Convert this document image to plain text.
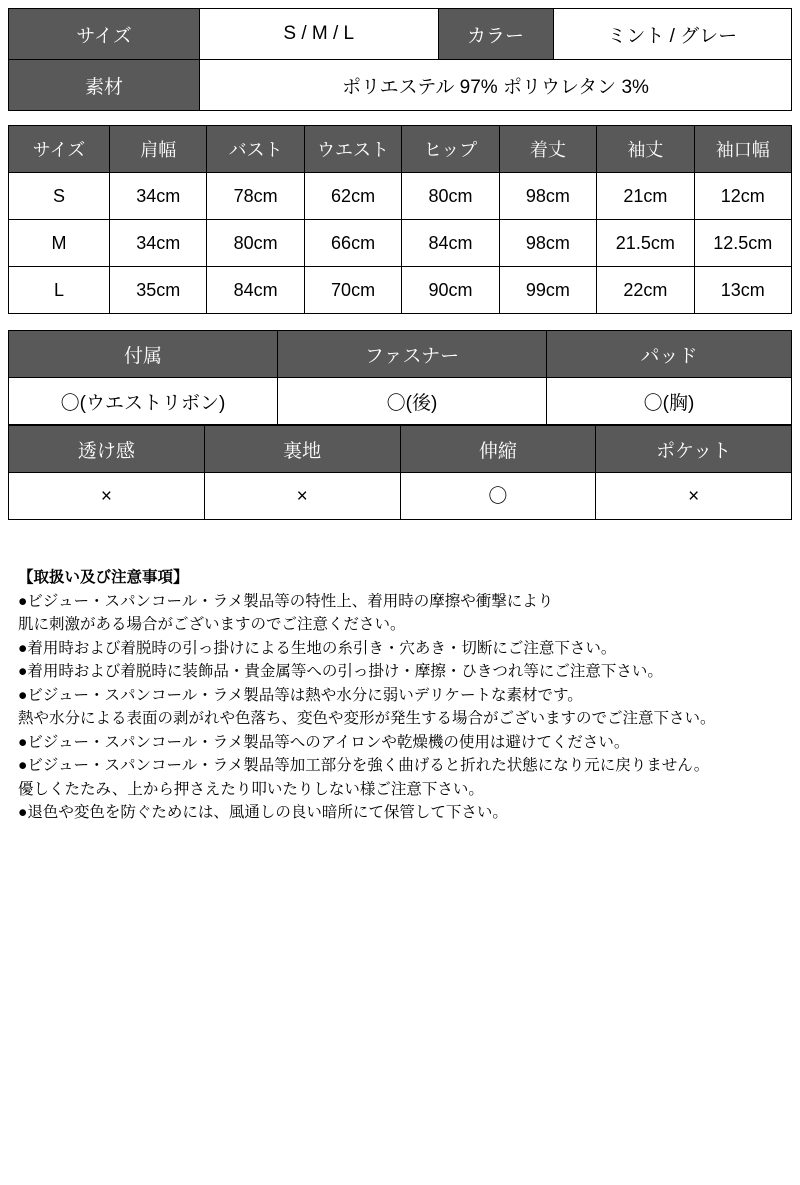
サイズ	S / M / L	カラー	ミント / グレー
素材	ポリエステル 97% ポリウレタン 3%		
サイズ	肩幅	バスト	ウエスト	ヒップ	着丈	袖丈	袖口幅
S	34cm	78cm	62cm	80cm	98cm	21cm	12cm
M	34cm	80cm	66cm	84cm	98cm	21.5cm	12.5cm
L	35cm	84cm	70cm	90cm	99cm	22cm	13cm
付属	ファスナー	パッド
〇(ウエストリボン)	〇(後)	〇(胸)
透け感	裏地	伸縮	ポケット
×	×	〇	×

【取扱い及び注意事項】

●ビジュー・スパンコール・ラメ製品等の特性上、着用時の摩擦や衝撃により

肌に刺激がある場合がございますのでご注意ください。

●着用時および着脱時の引っ掛けによる生地の糸引き・穴あき・切断にご注意下さい。

●着用時および着脱時に装飾品・貴金属等への引っ掛け・摩擦・ひきつれ等にご注意下さい。

●ビジュー・スパンコール・ラメ製品等は熱や水分に弱いデリケートな素材です。

熱や水分による表面の剥がれや色落ち、変色や変形が発生する場合がございますのでご注意下さい。

●ビジュー・スパンコール・ラメ製品等へのアイロンや乾燥機の使用は避けてください。

●ビジュー・スパンコール・ラメ製品等加工部分を強く曲げると折れた状態になり元に戻りません。

優しくたたみ、上から押さえたり叩いたりしない様ご注意下さい。

●退色や変色を防ぐためには、風通しの良い暗所にて保管して下さい。
